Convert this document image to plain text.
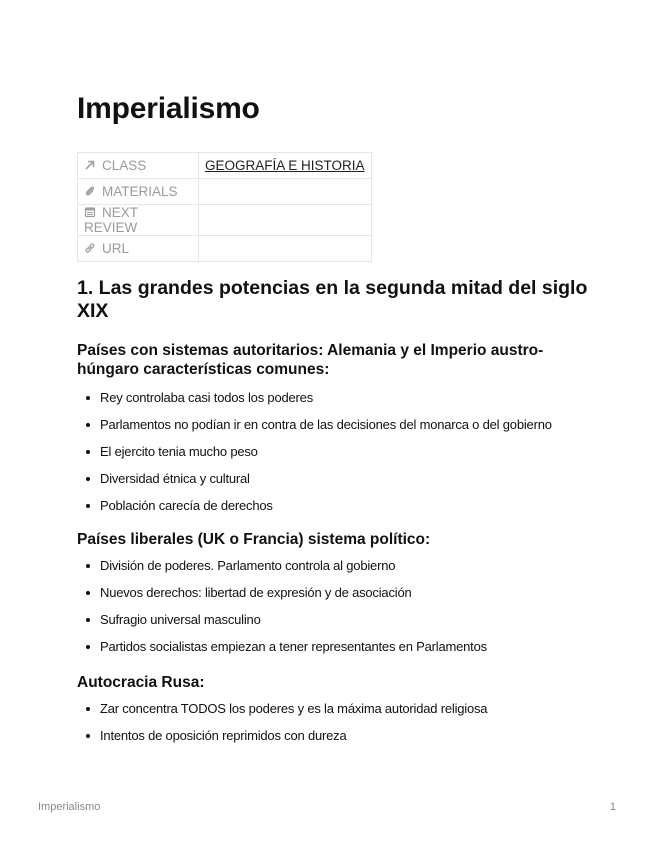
Imperialismo
CLASS	GEOGRAFÍA E HISTORIA
MATERIALS	
NEXT REVIEW	
URL	
1. Las grandes potencias en la segunda mitad del siglo XIX
Países con sistemas autoritarios: Alemania y el Imperio austro-húngaro características comunes:
Rey controlaba casi todos los poderes
Parlamentos no podían ir en contra de las decisiones del monarca o del gobierno
El ejercito tenia mucho peso
Diversidad étnica y cultural
Población carecía de derechos
Países liberales (UK o Francia) sistema político:
División de poderes. Parlamento controla al gobierno
Nuevos derechos: libertad de expresión y de asociación
Sufragio universal masculino
Partidos socialistas empiezan a tener representantes en Parlamentos
Autocracia Rusa:
Zar concentra TODOS los poderes y es la máxima autoridad religiosa
Intentos de oposición reprimidos con dureza
Imperialismo	1
